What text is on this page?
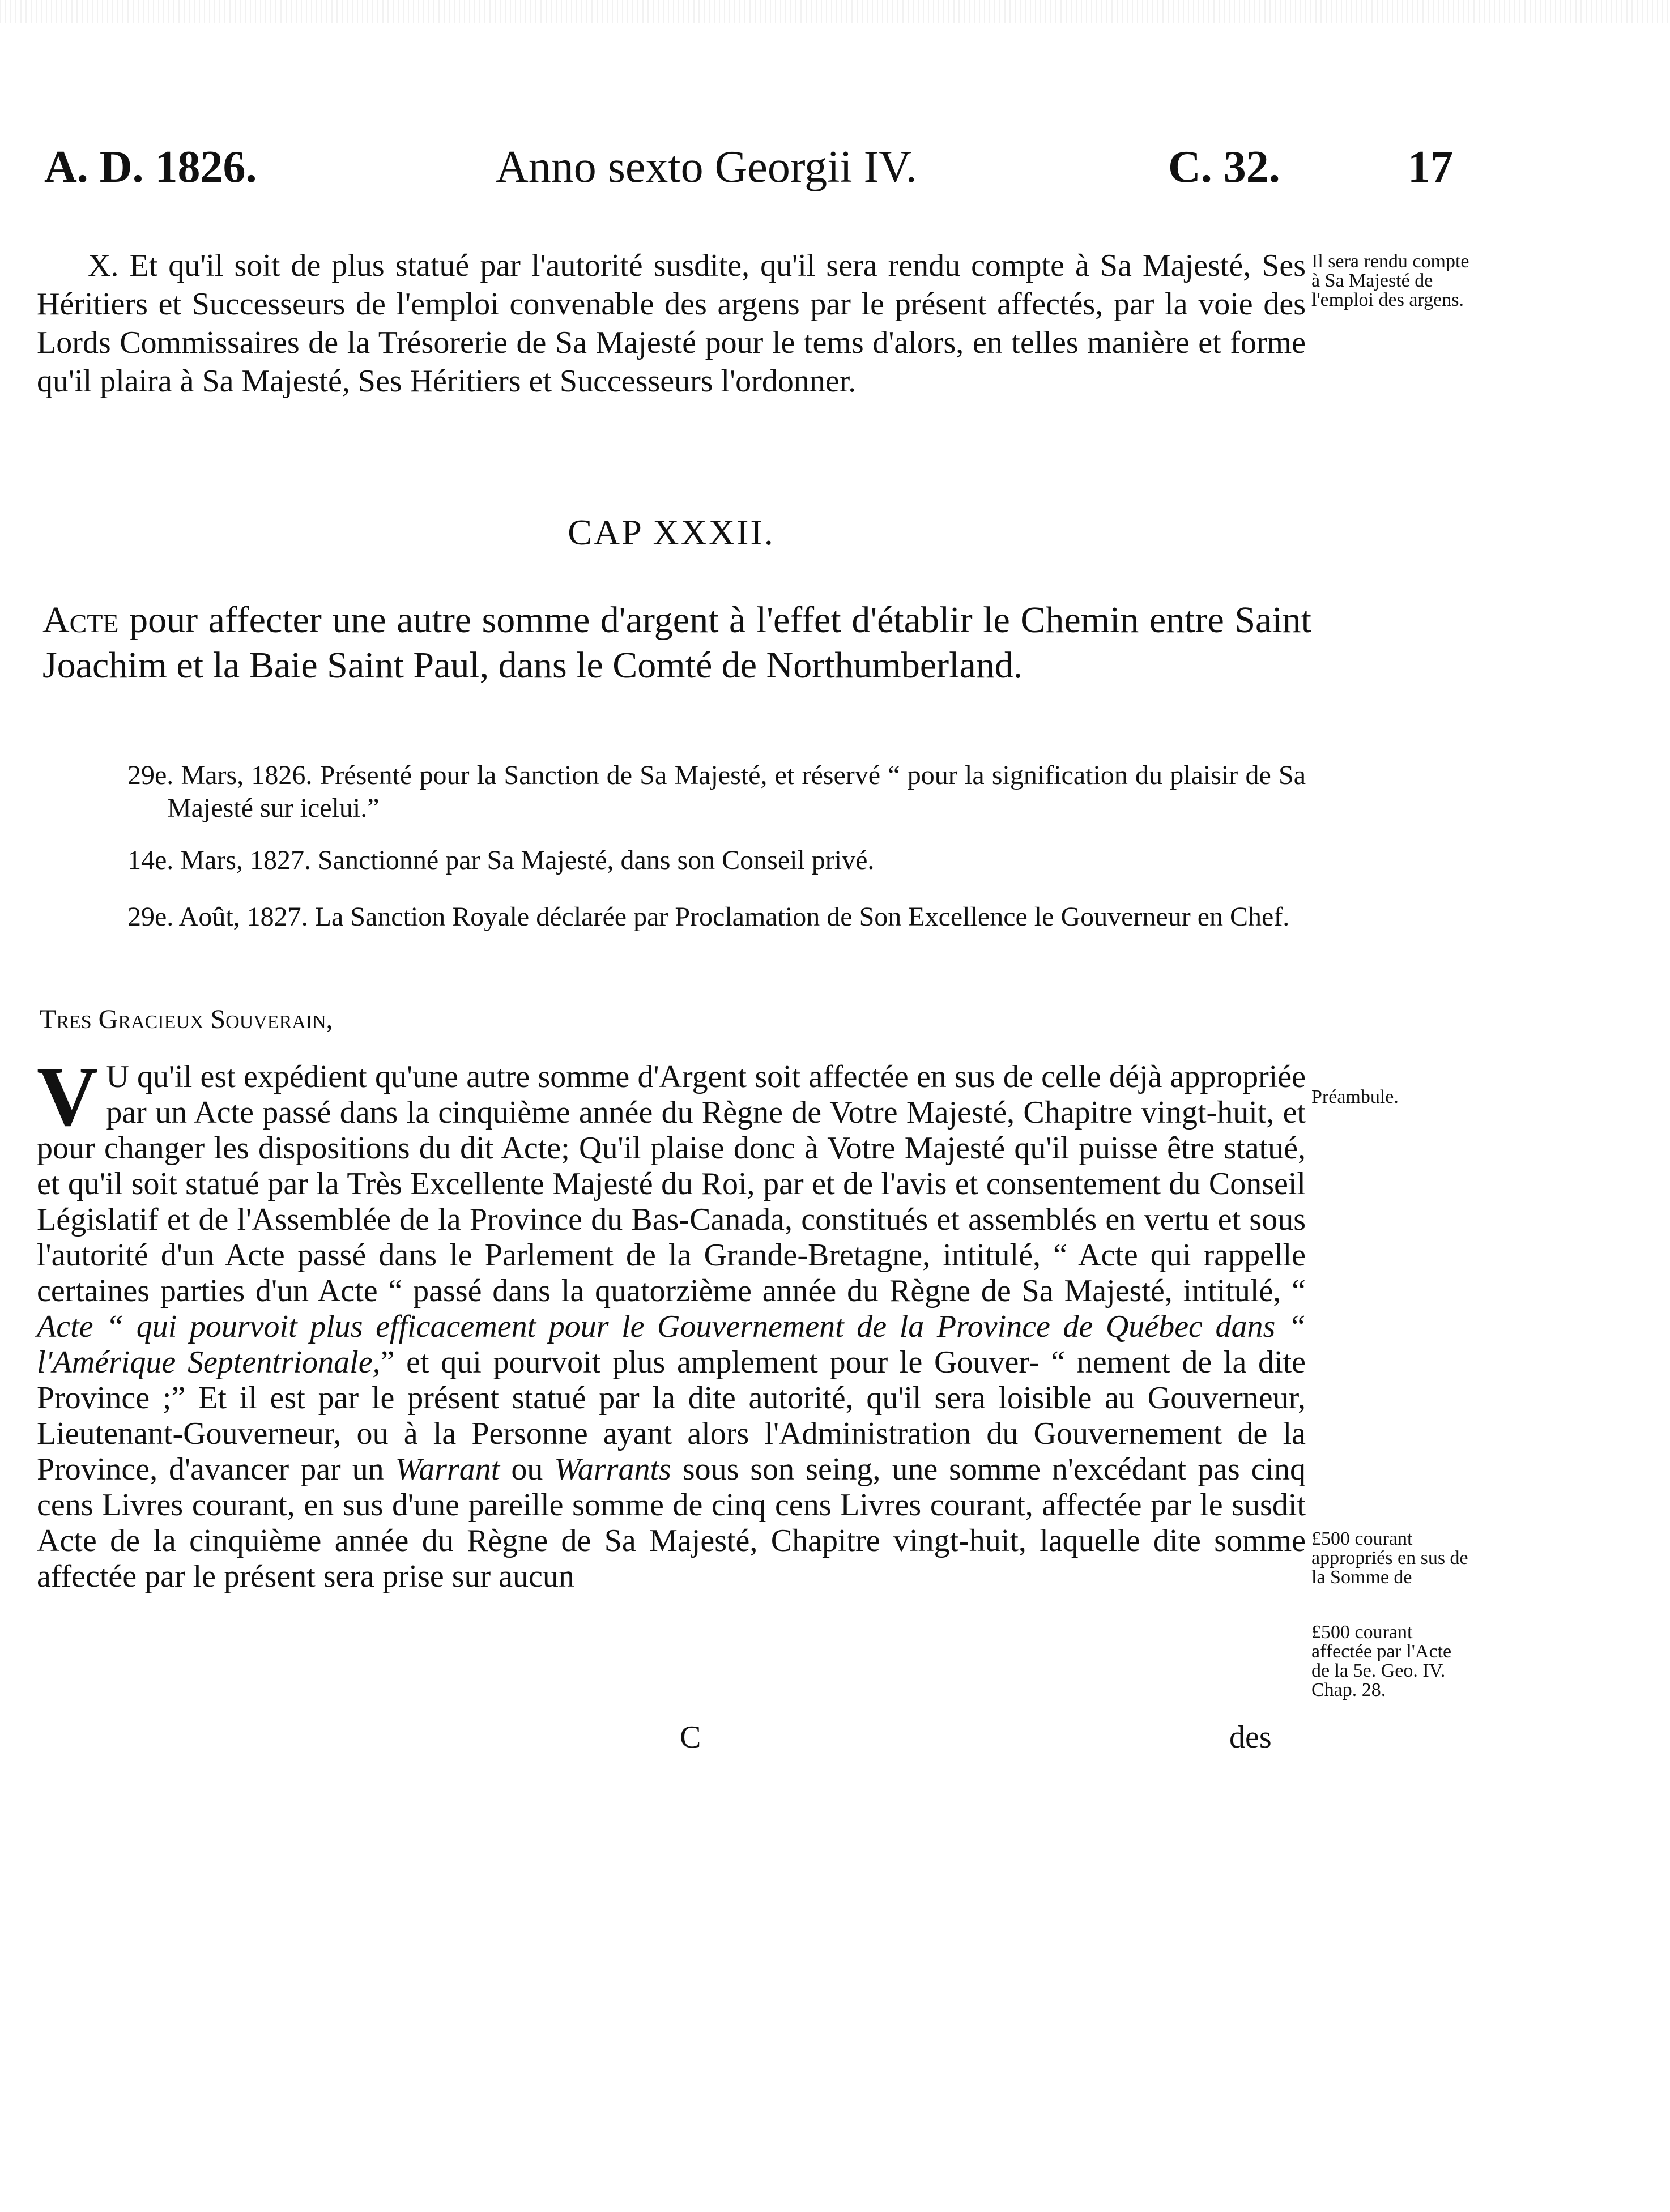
A. D. 1826.	Anno sexto Georgii IV.	C. 32.	17
X. Et qu'il soit de plus statué par l'autorité susdite, qu'il sera rendu compte à Sa Majesté, Ses Héritiers et Successeurs de l'emploi convenable des argens par le présent affectés, par la voie des Lords Commissaires de la Trésorerie de Sa Majesté pour le tems d'alors, en telles manière et forme qu'il plaira à Sa Majesté, Ses Héritiers et Successeurs l'ordonner.
Il sera rendu compte à Sa Majesté de l'emploi des argens.
CAP XXXII.
Acte pour affecter une autre somme d'argent à l'effet d'établir le Chemin entre Saint Joachim et la Baie Saint Paul, dans le Comté de Northumberland.
29e. Mars, 1826. Présenté pour la Sanction de Sa Majesté, et réservé “ pour la signification du plaisir de Sa Majesté sur icelui.”
14e. Mars, 1827. Sanctionné par Sa Majesté, dans son Conseil privé.
29e. Août, 1827. La Sanction Royale déclarée par Proclamation de Son Excellence le Gouverneur en Chef.
Tres Gracieux Souverain,
V U qu'il est expédient qu'une autre somme d'Argent soit affectée en sus de celle déjà appropriée par un Acte passé dans la cinquième année du Règne de Votre Majesté, Chapitre vingt-huit, et pour changer les dispositions du dit Acte; Qu'il plaise donc à Votre Majesté qu'il puisse être statué, et qu'il soit statué par la Très Excellente Majesté du Roi, par et de l'avis et consentement du Conseil Législatif et de l'Assemblée de la Province du Bas-Canada, constitués et assemblés en vertu et sous l'autorité d'un Acte passé dans le Parlement de la Grande-Bretagne, intitulé, “ Acte qui rappelle certaines parties d'un Acte “ passé dans la quatorzième année du Règne de Sa Majesté, intitulé, “ Acte “ qui pourvoit plus efficacement pour le Gouvernement de la Province de Québec dans “ l'Amérique Septentrionale,” et qui pourvoit plus amplement pour le Gouver- “ nement de la dite Province ;” Et il est par le présent statué par la dite autorité, qu'il sera loisible au Gouverneur, Lieutenant-Gouverneur, ou à la Personne ayant alors l'Administration du Gouvernement de la Province, d'avancer par un Warrant ou Warrants sous son seing, une somme n'excédant pas cinq cens Livres courant, en sus d'une pareille somme de cinq cens Livres courant, affectée par le susdit Acte de la cinquième année du Règne de Sa Majesté, Chapitre vingt-huit, laquelle dite somme affectée par le présent sera prise sur aucun
C	des
Préambule.
£500 courant appropriés en sus de la Somme de
£500 courant affectée par l'Acte de la 5e. Geo. IV. Chap. 28.
